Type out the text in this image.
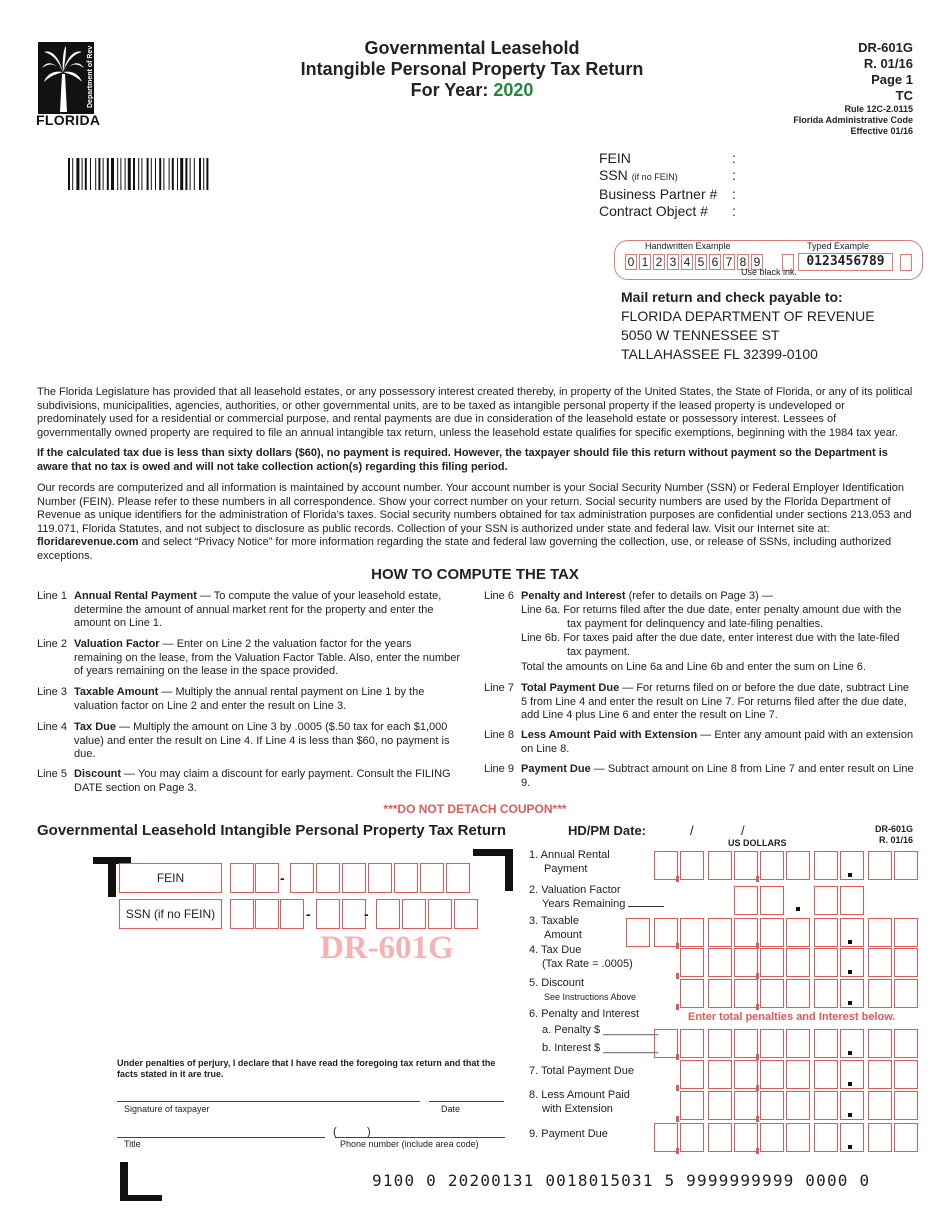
Department of Revenue
FLORIDA
Governmental Leasehold
Intangible Personal Property Tax Return
For Year: 2020
DR-601G
R. 01/16
Page 1
TC
Rule 12C-2.0115
Florida Administrative Code
Effective 01/16
FEIN	:
SSN (if no FEIN)	:
Business Partner #	:
Contract Object #	:
Handwritten Example	Typed Example
0 1 2 3 4 5 6 7 8 9	0123456789
Use black ink.
Mail return and check payable to:
FLORIDA DEPARTMENT OF REVENUE
5050 W TENNESSEE ST
TALLAHASSEE FL 32399-0100
The Florida Legislature has provided that all leasehold estates, or any possessory interest created thereby, in property of the United States, the State of Florida, or any of its political subdivisions, municipalities, agencies, authorities, or other governmental units, are to be taxed as intangible personal property if the leased property is undeveloped or predominately used for a residential or commercial purpose, and rental payments are due in consideration of the leasehold estate or possessory interest. Lessees of governmentally owned property are required to file an annual intangible tax return, unless the leasehold estate qualifies for specific exemptions, beginning with the 1984 tax year.
If the calculated tax due is less than sixty dollars ($60), no payment is required. However, the taxpayer should file this return without payment so the Department is aware that no tax is owed and will not take collection action(s) regarding this filing period.
Our records are computerized and all information is maintained by account number. Your account number is your Social Security Number (SSN) or Federal Employer Identification Number (FEIN). Please refer to these numbers in all correspondence. Show your correct number on your return. Social security numbers are used by the Florida Department of Revenue as unique identifiers for the administration of Florida's taxes. Social security numbers obtained for tax administration purposes are confidential under sections 213.053 and 119.071, Florida Statutes, and not subject to disclosure as public records. Collection of your SSN is authorized under state and federal law. Visit our Internet site at: floridarevenue.com and select “Privacy Notice” for more information regarding the state and federal law governing the collection, use, or release of SSNs, including authorized exceptions.
HOW TO COMPUTE THE TAX
Line 1 Annual Rental Payment — To compute the value of your leasehold estate, determine the amount of annual market rent for the property and enter the amount on Line 1.
Line 2 Valuation Factor — Enter on Line 2 the valuation factor for the years remaining on the lease, from the Valuation Factor Table. Also, enter the number of years remaining on the lease in the space provided.
Line 3 Taxable Amount — Multiply the annual rental payment on Line 1 by the valuation factor on Line 2 and enter the result on Line 3.
Line 4 Tax Due — Multiply the amount on Line 3 by .0005 ($.50 tax for each $1,000 value) and enter the result on Line 4. If Line 4 is less than $60, no payment is due.
Line 5 Discount — You may claim a discount for early payment. Consult the FILING DATE section on Page 3.
Line 6 Penalty and Interest (refer to details on Page 3) —
Line 6a. For returns filed after the due date, enter penalty amount due with the tax payment for delinquency and late-filing penalties.
Line 6b. For taxes paid after the due date, enter interest due with the late-filed tax payment.
Total the amounts on Line 6a and Line 6b and enter the sum on Line 6.
Line 7 Total Payment Due — For returns filed on or before the due date, subtract Line 5 from Line 4 and enter the result on Line 7. For returns filed after the due date, add Line 4 plus Line 6 and enter the result on Line 7.
Line 8 Less Amount Paid with Extension — Enter any amount paid with an extension on Line 8.
Line 9 Payment Due — Subtract amount on Line 8 from Line 7 and enter result on Line 9.
***DO NOT DETACH COUPON***
Governmental Leasehold Intangible Personal Property Tax Return	HD/PM Date:	/	/
US DOLLARS
DR-601G
R. 01/16
FEIN	-
SSN (if no FEIN)	-	-
DR-601G
Under penalties of perjury, I declare that I have read the foregoing tax return and that the facts stated in it are true.
Signature of taxpayer	Date
(	)
Title	Phone number (include area code)
1. Annual Rental
Payment
2. Valuation Factor
Years Remaining
3. Taxable
Amount
4. Tax Due
(Tax Rate = .0005)
5. Discount
See Instructions Above
6. Penalty and Interest
a. Penalty $ _________
b. Interest $ _________
7. Total Payment Due
8. Less Amount Paid
with Extension
9. Payment Due
Enter total penalties and Interest below.
9100 0 20200131 0018015031 5 9999999999 0000 0
